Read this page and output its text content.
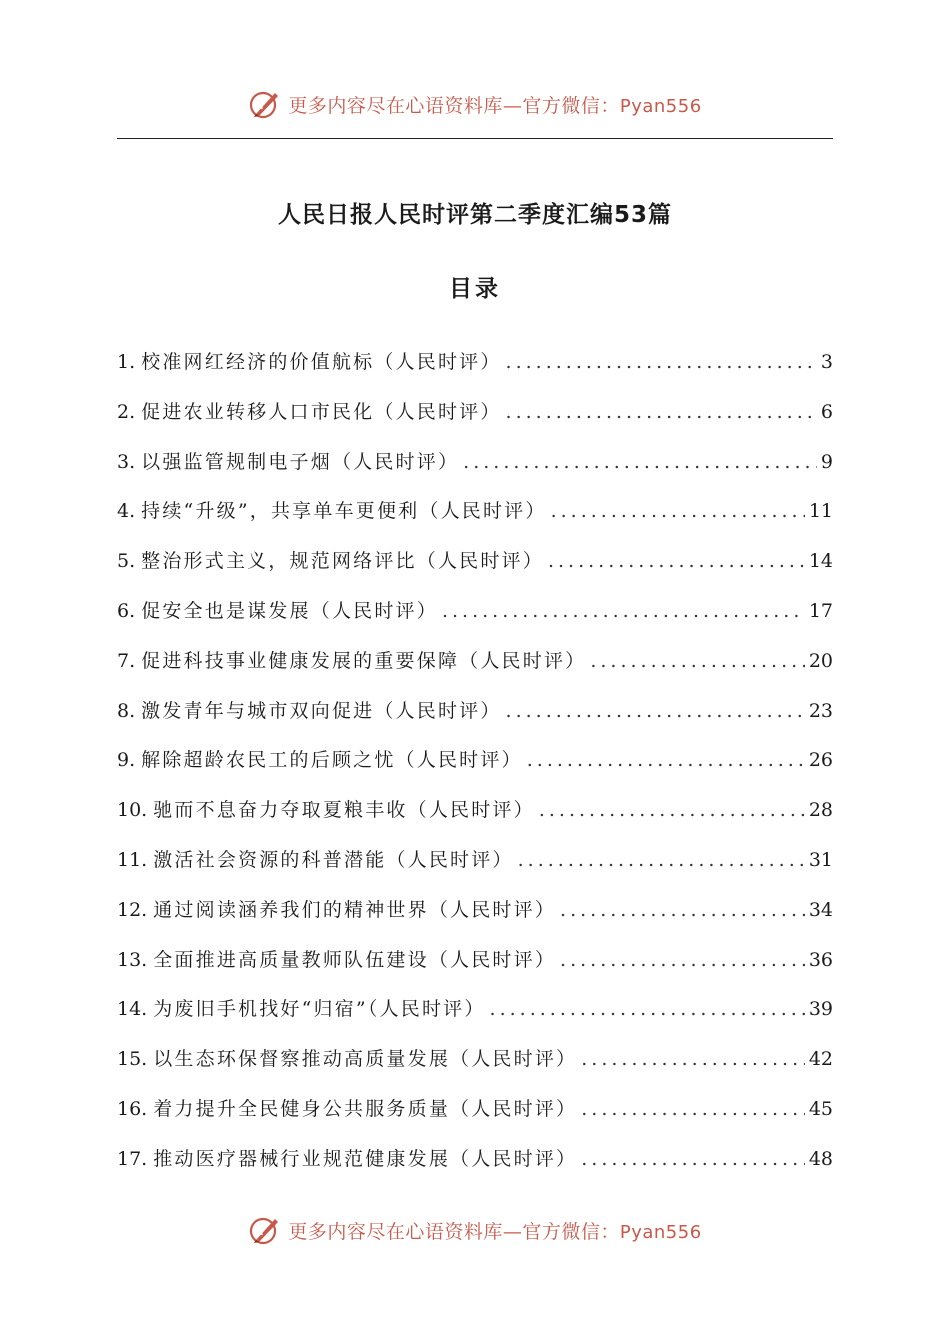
更多内容尽在心语资料库—官方微信：Pyan556
人民日报人民时评第二季度汇编53篇
目录
1. 校准网红经济的价值航标（人民时评） .....	3
2. 促进农业转移人口市民化（人民时评） .....	6
3. 以强监管规制电子烟（人民时评） .....	9
4. 持续“升级”，共享单车更便利（人民时评） .....	11
5. 整治形式主义，规范网络评比（人民时评） .....	14
6. 促安全也是谋发展（人民时评） .....	17
7. 促进科技事业健康发展的重要保障（人民时评） .....	20
8. 激发青年与城市双向促进（人民时评） .....	23
9. 解除超龄农民工的后顾之忧（人民时评） .....	26
10. 驰而不息奋力夺取夏粮丰收（人民时评） .....	28
11. 激活社会资源的科普潜能（人民时评） .....	31
12. 通过阅读涵养我们的精神世界（人民时评） .....	34
13. 全面推进高质量教师队伍建设（人民时评） .....	36
14. 为废旧手机找好“归宿”（人民时评） .....	39
15. 以生态环保督察推动高质量发展（人民时评） .....	42
16. 着力提升全民健身公共服务质量（人民时评） .....	45
17. 推动医疗器械行业规范健康发展（人民时评） .....	48
更多内容尽在心语资料库—官方微信：Pyan556
